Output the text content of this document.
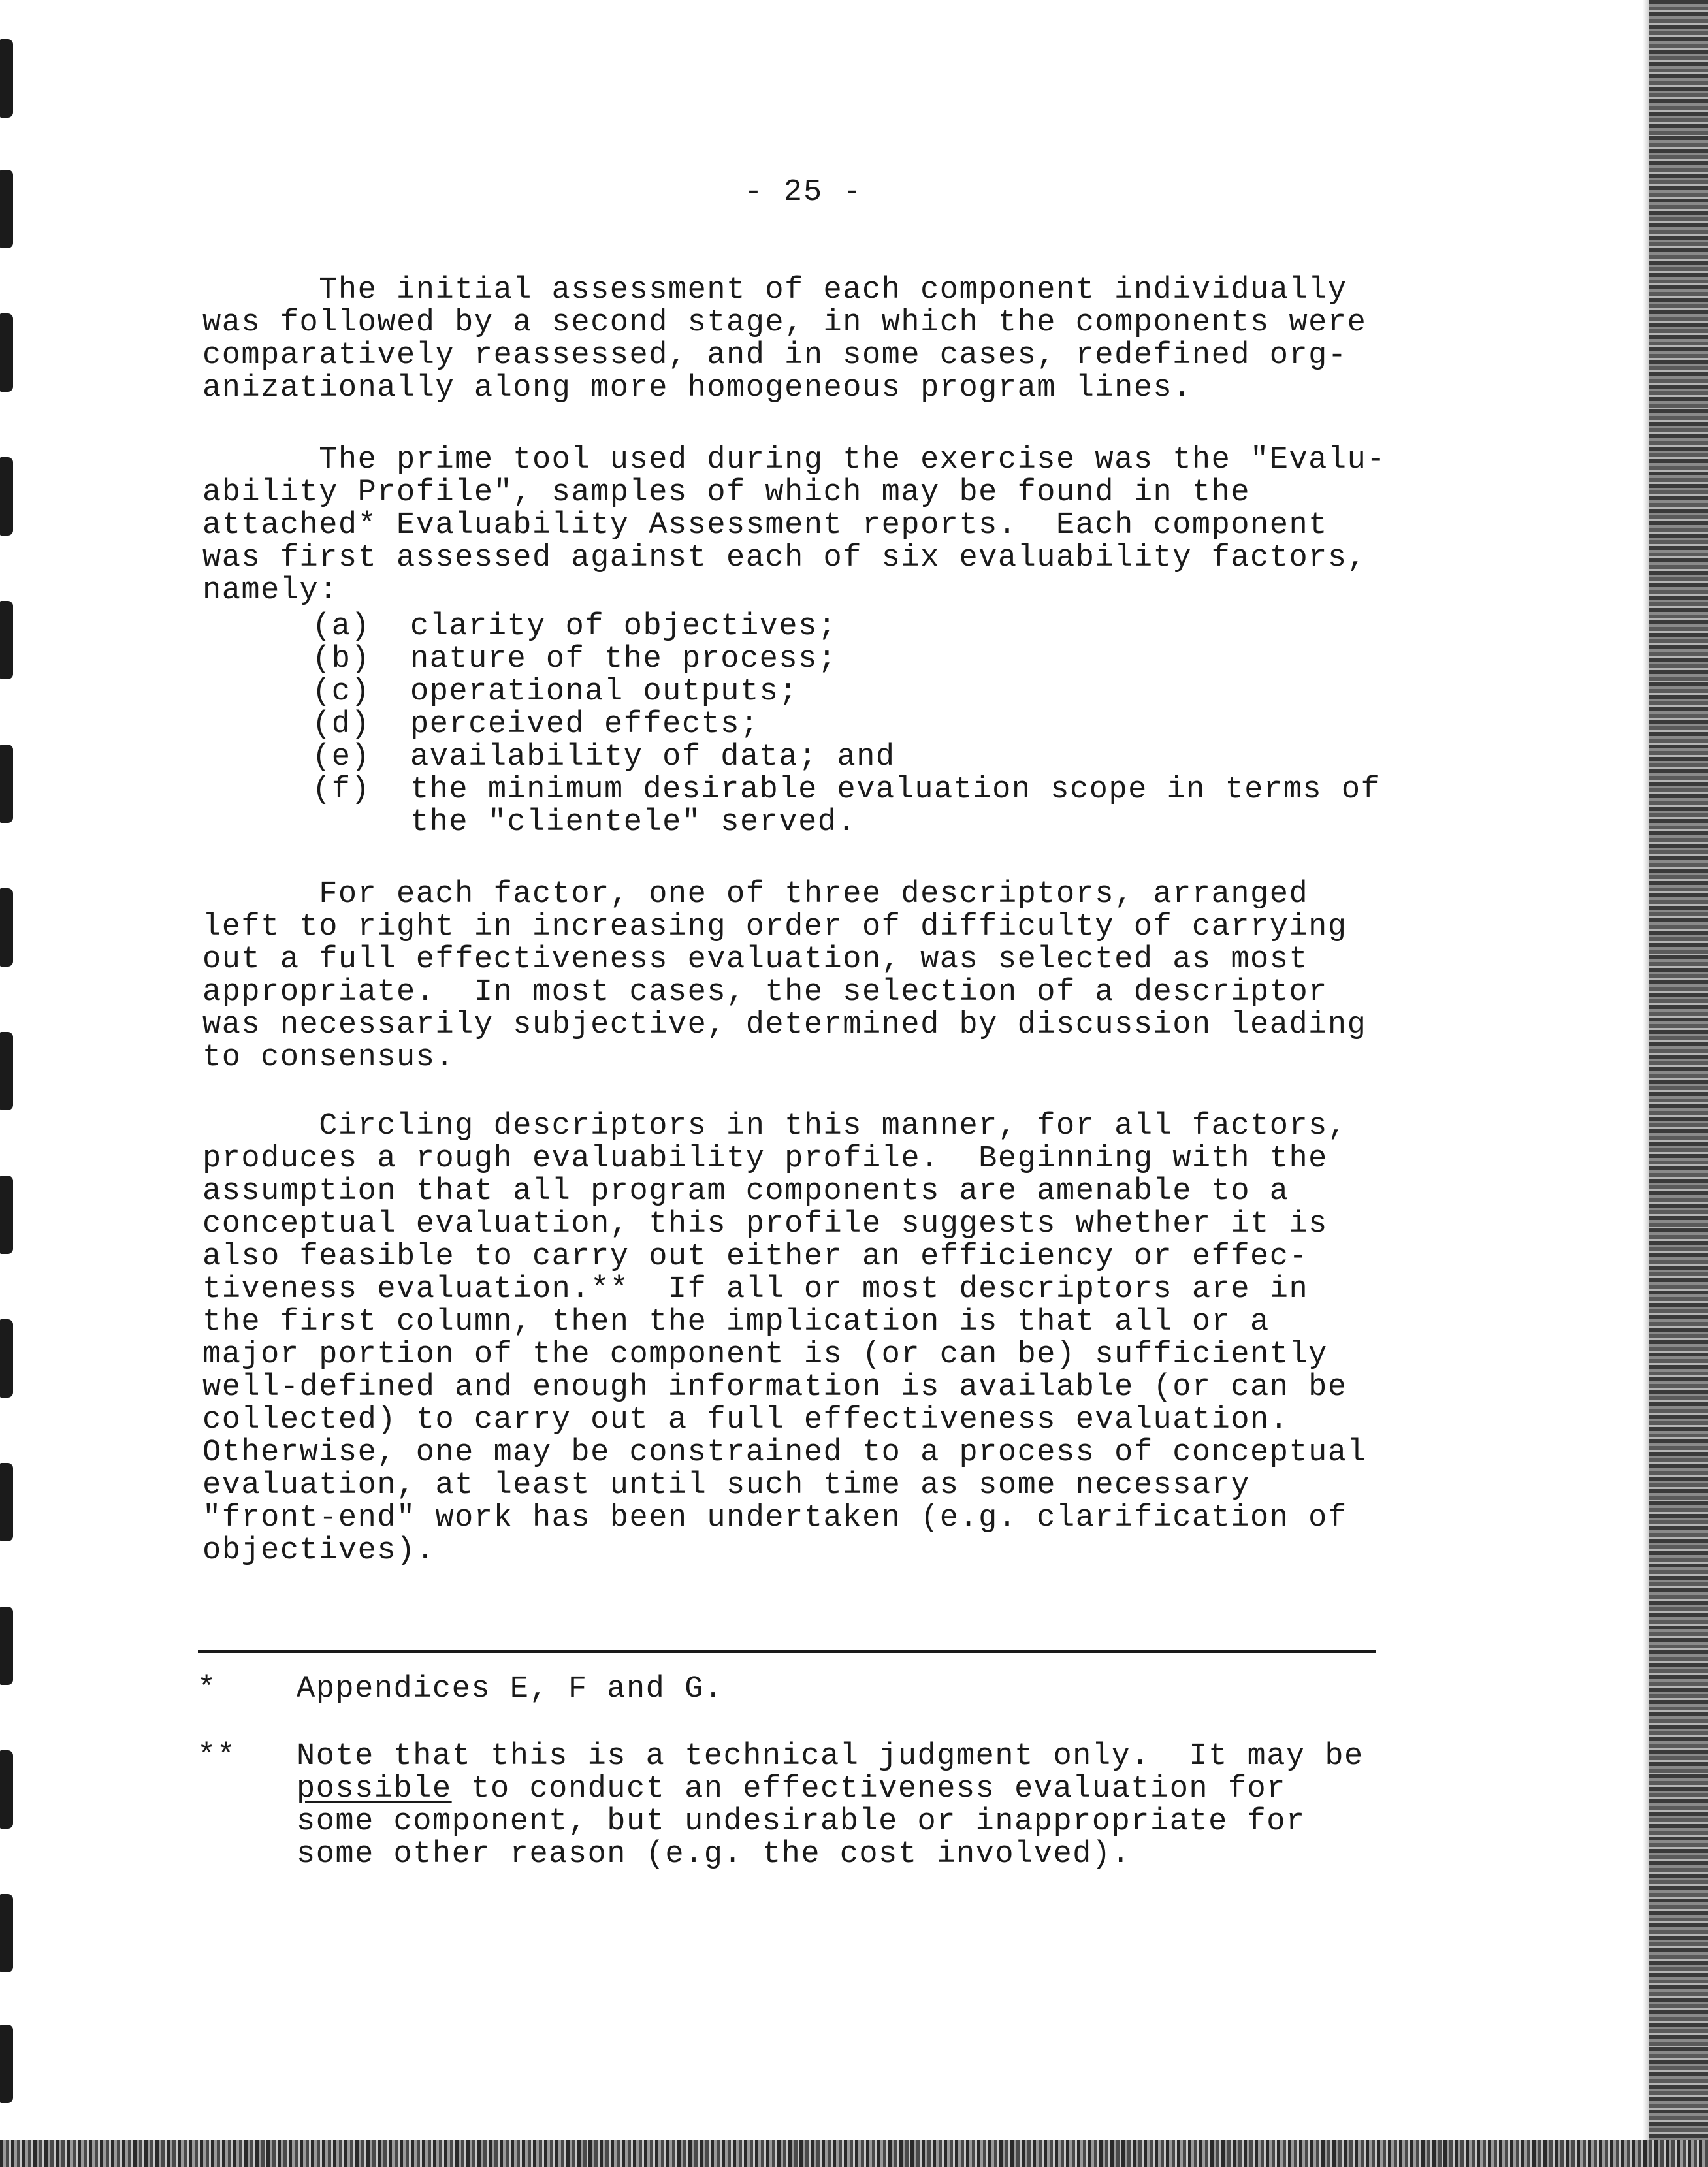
- 25 -

The initial assessment of each component individually
was followed by a second stage, in which the components were
comparatively reassessed, and in some cases, redefined org-
anizationally along more homogeneous program lines.

The prime tool used during the exercise was the "Evalu-
ability Profile", samples of which may be found in the
attached* Evaluability Assessment reports.  Each component
was first assessed against each of six evaluability factors,
namely:

(a) clarity of objectives;
(b) nature of the process;
(c) operational outputs;
(d) perceived effects;
(e) availability of data; and
(f) the minimum desirable evaluation scope in terms of
the "clientele" served.

For each factor, one of three descriptors, arranged
left to right in increasing order of difficulty of carrying
out a full effectiveness evaluation, was selected as most
appropriate.  In most cases, the selection of a descriptor
was necessarily subjective, determined by discussion leading
to consensus.

Circling descriptors in this manner, for all factors,
produces a rough evaluability profile.  Beginning with the
assumption that all program components are amenable to a
conceptual evaluation, this profile suggests whether it is
also feasible to carry out either an efficiency or effec-
tiveness evaluation.**  If all or most descriptors are in
the first column, then the implication is that all or a
major portion of the component is (or can be) sufficiently
well-defined and enough information is available (or can be
collected) to carry out a full effectiveness evaluation.
Otherwise, one may be constrained to a process of conceptual
evaluation, at least until such time as some necessary
"front-end" work has been undertaken (e.g. clarification of
objectives).

*	Appendices E, F and G.
** Note that this is a technical judgment only.  It may be
possible to conduct an effectiveness evaluation for
some component, but undesirable or inappropriate for
some other reason (e.g. the cost involved).
